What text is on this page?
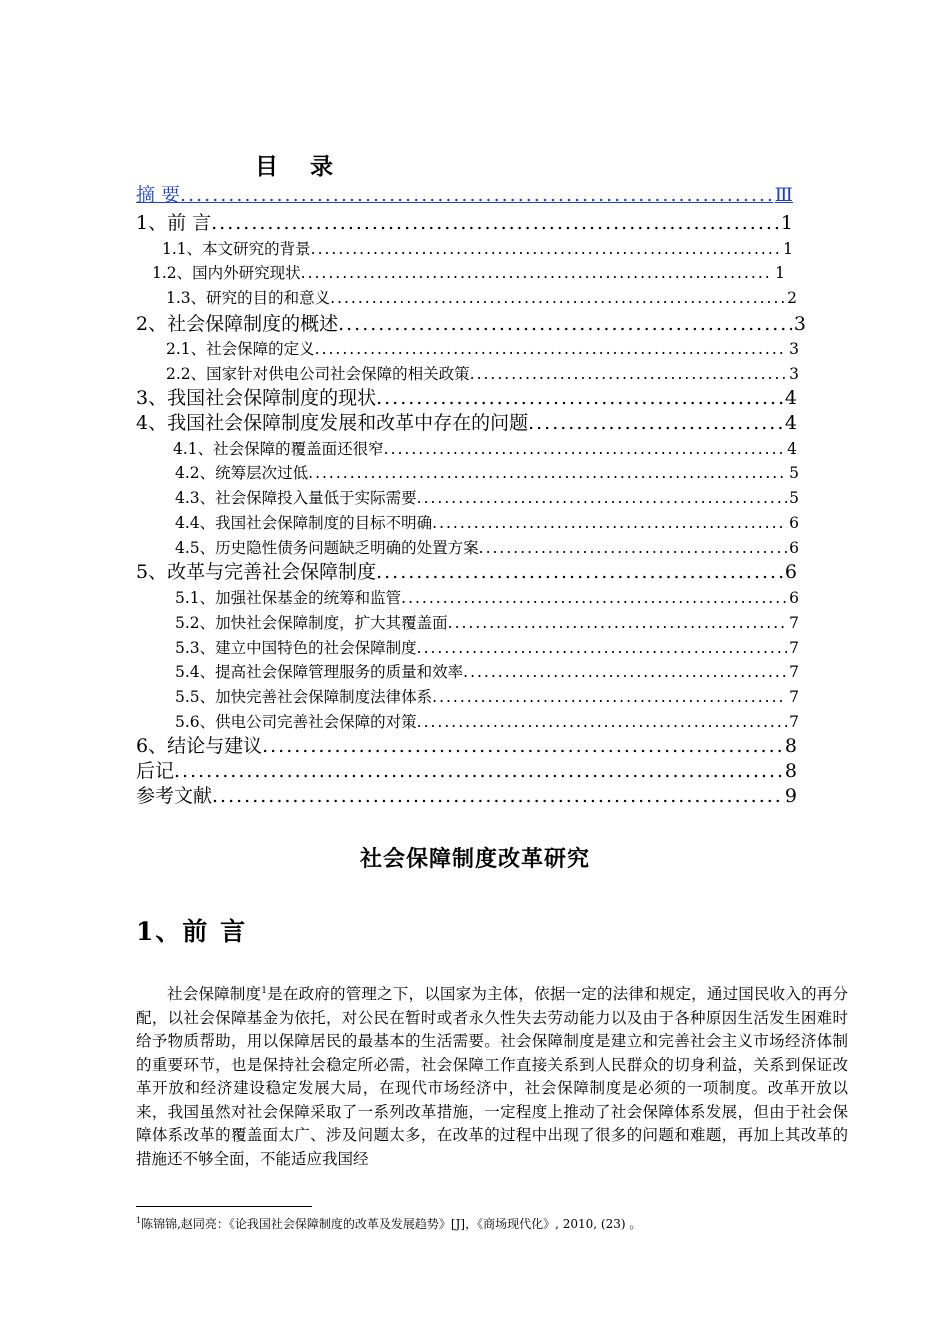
目 录
摘 要 .....	Ⅲ
1、前 言 .....	1
1.1、本文研究的背景 .....	1
1.2、国内外研究现状 .....	1
1.3、研究的目的和意义 .....	2
2、社会保障制度的概述 .....	3
2.1、社会保障的定义 .....	3
2.2、国家针对供电公司社会保障的相关政策 .....	3
3、我国社会保障制度的现状 .....	4
4、我国社会保障制度发展和改革中存在的问题 .....	4
4.1、社会保障的覆盖面还很窄 .....	4
4.2、统筹层次过低 .....	5
4.3、社会保障投入量低于实际需要 .....	5
4.4、我国社会保障制度的目标不明确 .....	6
4.5、历史隐性债务问题缺乏明确的处置方案 .....	6
5、改革与完善社会保障制度 .....	6
5.1、加强社保基金的统筹和监管 .....	6
5.2、加快社会保障制度，扩大其覆盖面 .....	7
5.3、建立中国特色的社会保障制度 .....	7
5.4、提高社会保障管理服务的质量和效率 .....	7
5.5、加快完善社会保障制度法律体系 .....	7
5.6、供电公司完善社会保障的对策 .....	7
6、结论与建议 .....	8
后记 .....	8
参考文献 .....	9
社会保障制度改革研究
1、前 言
社会保障制度$^1$是在政府的管理之下，以国家为主体，依据一定的法律和规定，通过国民收入的再分配，以社会保障基金为依托，对公民在暂时或者永久性失去劳动能力以及由于各种原因生活发生困难时给予物质帮助，用以保障居民的最基本的生活需要。社会保障制度是建立和完善社会主义市场经济体制的重要环节，也是保持社会稳定所必需，社会保障工作直接关系到人民群众的切身利益，关系到保证改革开放和经济建设稳定发展大局，在现代市场经济中，社会保障制度是必须的一项制度。改革开放以来，我国虽然对社会保障采取了一系列改革措施，一定程度上推动了社会保障体系发展，但由于社会保障体系改革的覆盖面太广、涉及问题太多，在改革的过程中出现了很多的问题和难题，再加上其改革的措施还不够全面，不能适应我国经
$^1$陈锦锦,赵同亮：《论我国社会保障制度的改革及发展趋势》[J]，《商场现代化》, 2010, (23) 。
